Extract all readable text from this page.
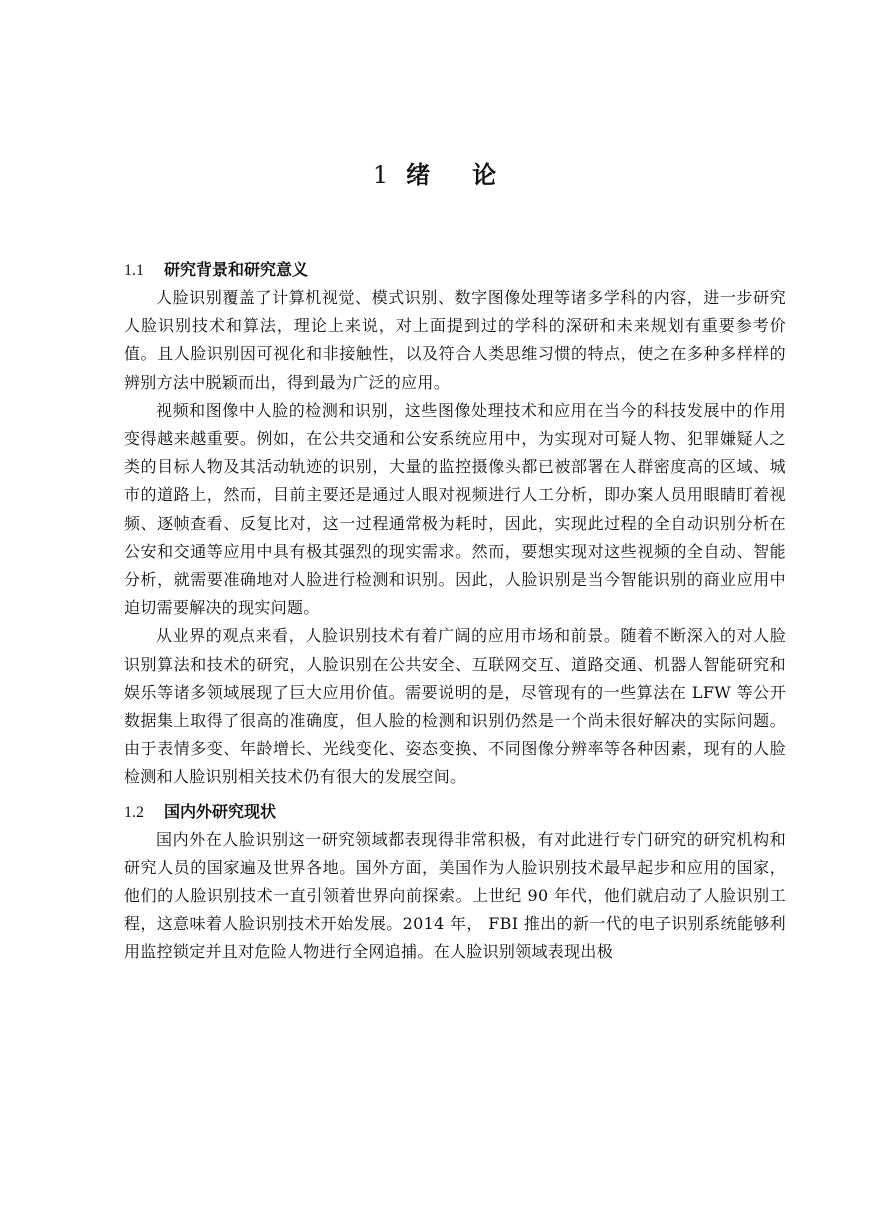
1 绪 论
1.1 研究背景和研究意义

人脸识别覆盖了计算机视觉、模式识别、数字图像处理等诸多学科的内容，进一步研究人脸识别技术和算法，理论上来说，对上面提到过的学科的深研和未来规划有重要参考价值。且人脸识别因可视化和非接触性，以及符合人类思维习惯的特点，使之在多种多样样的辨别方法中脱颖而出，得到最为广泛的应用。

视频和图像中人脸的检测和识别，这些图像处理技术和应用在当今的科技发展中的作用变得越来越重要。例如，在公共交通和公安系统应用中，为实现对可疑人物、犯罪嫌疑人之类的目标人物及其活动轨迹的识别，大量的监控摄像头都已被部署在人群密度高的区域、城市的道路上，然而，目前主要还是通过人眼对视频进行人工分析，即办案人员用眼睛盯着视频、逐帧查看、反复比对，这一过程通常极为耗时，因此，实现此过程的全自动识别分析在公安和交通等应用中具有极其强烈的现实需求。然而，要想实现对这些视频的全自动、智能分析，就需要准确地对人脸进行检测和识别。因此，人脸识别是当今智能识别的商业应用中迫切需要解决的现实问题。

从业界的观点来看，人脸识别技术有着广阔的应用市场和前景。随着不断深入的对人脸识别算法和技术的研究，人脸识别在公共安全、互联网交互、道路交通、机器人智能研究和娱乐等诸多领域展现了巨大应用价值。需要说明的是，尽管现有的一些算法在 LFW 等公开数据集上取得了很高的准确度，但人脸的检测和识别仍然是一个尚未很好解决的实际问题。由于表情多变、年龄增长、光线变化、姿态变换、不同图像分辨率等各种因素，现有的人脸检测和人脸识别相关技术仍有很大的发展空间。

1.2 国内外研究现状

国内外在人脸识别这一研究领域都表现得非常积极，有对此进行专门研究的研究机构和研究人员的国家遍及世界各地。国外方面，美国作为人脸识别技术最早起步和应用的国家，他们的人脸识别技术一直引领着世界向前探索。上世纪 90 年代，他们就启动了人脸识别工程，这意味着人脸识别技术开始发展。2014 年， FBI 推出的新一代的电子识别系统能够利用监控锁定并且对危险人物进行全网追捕。在人脸识别领域表现出极
